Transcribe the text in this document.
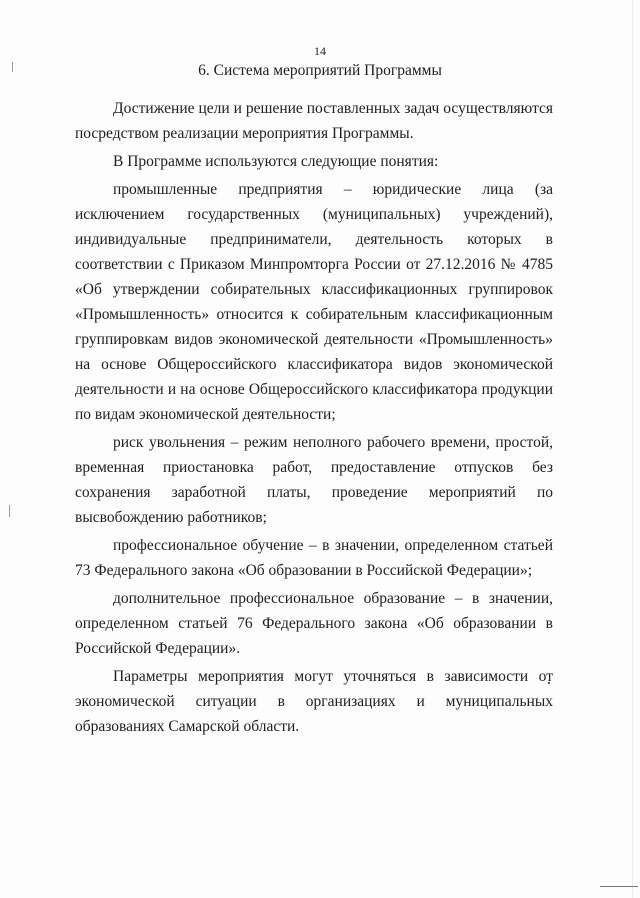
14
6. Система мероприятий Программы

Достижение цели и решение поставленных задач осуществляются посредством реализации мероприятия Программы.

В Программе используются следующие понятия:

промышленные предприятия – юридические лица (за исключением государственных (муниципальных) учреждений), индивидуальные предприниматели, деятельность которых в соответствии с Приказом Минпромторга России от 27.12.2016 № 4785 «Об утверждении собирательных классификационных группировок «Промышленность» относится к собирательным классификационным группировкам видов экономической деятельности «Промышленность» на основе Общероссийского классификатора видов экономической деятельности и на основе Общероссийского классификатора продукции по видам экономической деятельности;

риск увольнения – режим неполного рабочего времени, простой, временная приостановка работ, предоставление отпусков без сохранения заработной платы, проведение мероприятий по высвобождению работников;

профессиональное обучение – в значении, определенном статьей 73 Федерального закона «Об образовании в Российской Федерации»;

дополнительное профессиональное образование – в значении, определенном статьей 76 Федерального закона «Об образовании в Российской Федерации».

Параметры мероприятия могут уточняться в зависимости от экономической ситуации в организациях и муниципальных образованиях Самарской области.
